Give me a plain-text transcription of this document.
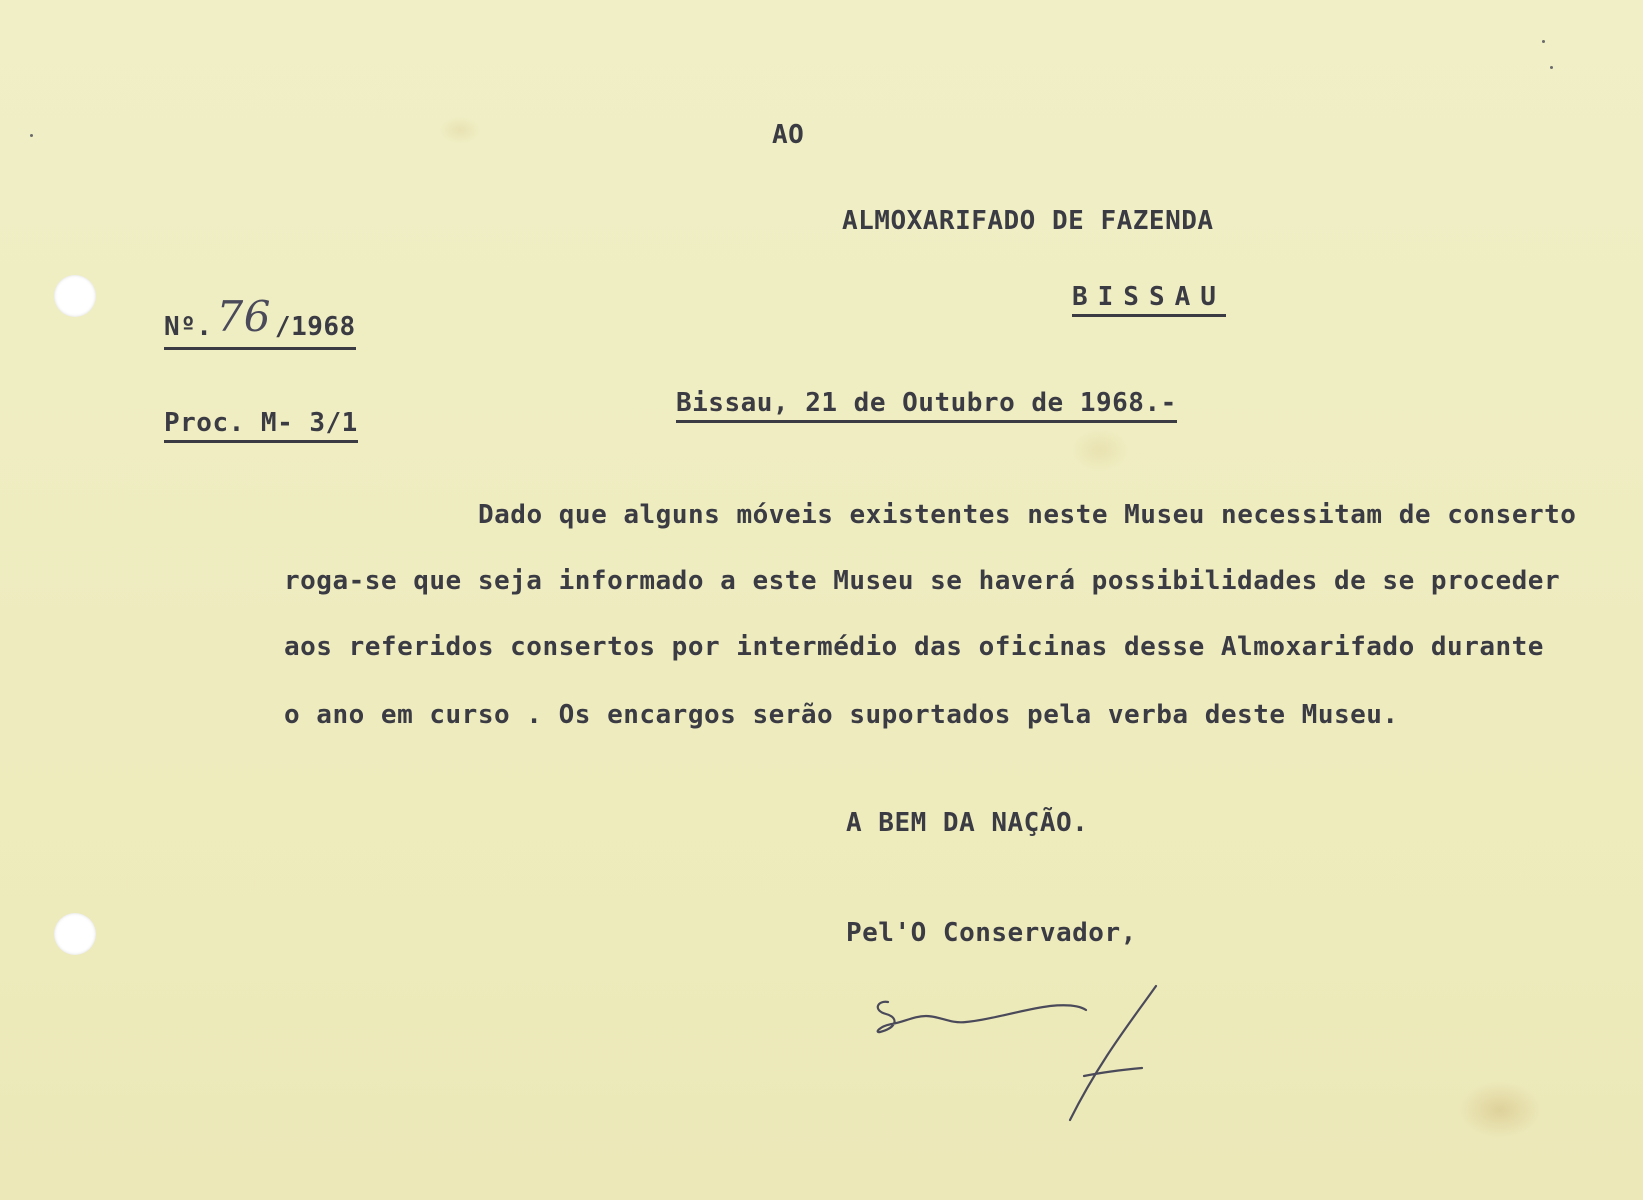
AO
ALMOXARIFADO DE FAZENDA
BISSAU
Nº.76 /1968
Proc. M- 3/1
Bissau, 21 de Outubro de 1968.-
Dado que alguns móveis existentes neste Museu necessitam de conserto
roga-se que seja informado a este Museu se haverá possibilidades de se proceder
aos referidos consertos por intermédio das oficinas desse Almoxarifado durante
o ano em curso . Os encargos serão suportados pela verba deste Museu.
A BEM DA NAÇÃO.
Pel'O Conservador,
